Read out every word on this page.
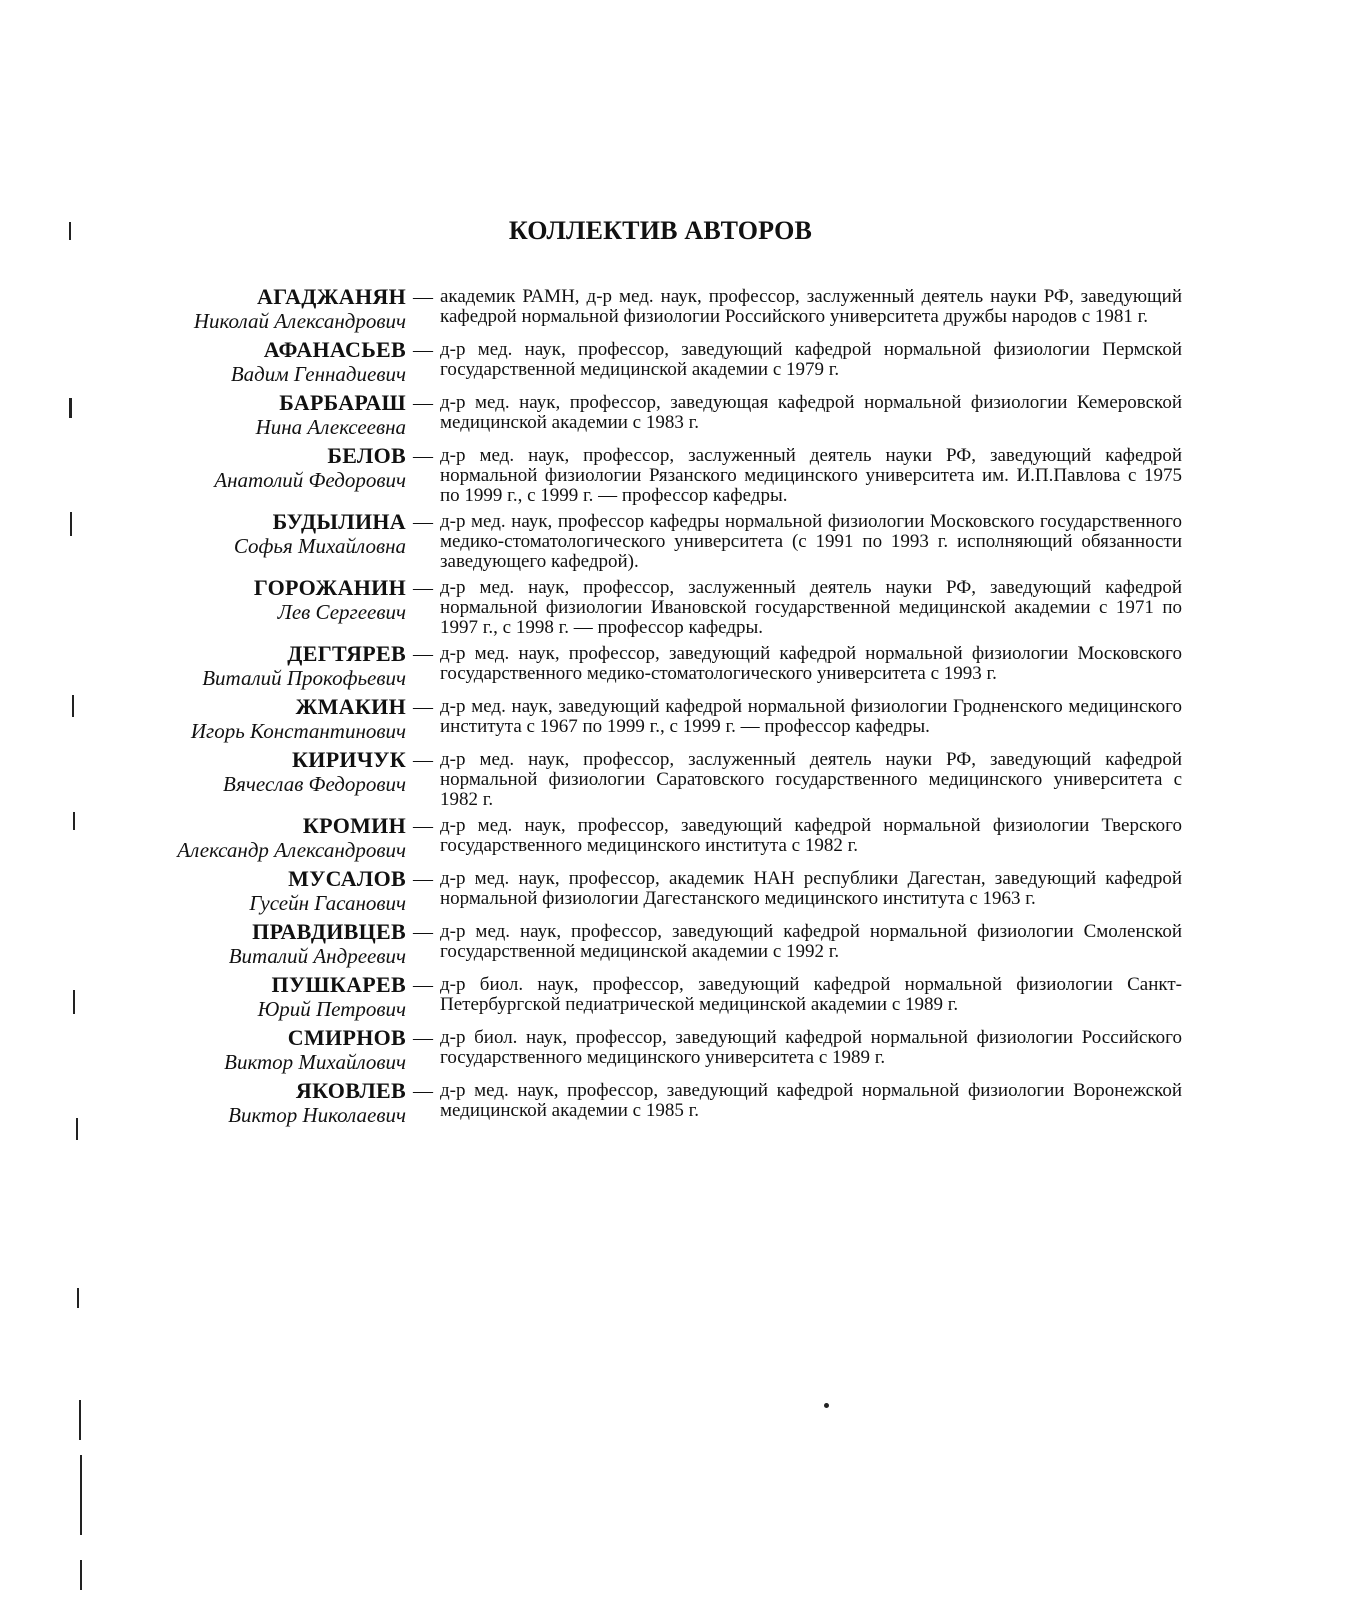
КОЛЛЕКТИВ АВТОРОВ
АГАДЖАНЯН
Николай Александрович
— академик РАМН, д-р мед. наук, профессор, заслуженный деятель науки РФ, заведующий кафедрой нормальной физиологии Российского университета дружбы народов с 1981 г.
АФАНАСЬЕВ
Вадим Геннадиевич
— д-р мед. наук, профессор, заведующий кафедрой нормальной физиологии Пермской государственной медицинской академии с 1979 г.
БАРБАРАШ
Нина Алексеевна
— д-р мед. наук, профессор, заведующая кафедрой нормальной физиологии Кемеровской медицинской академии с 1983 г.
БЕЛОВ
Анатолий Федорович
— д-р мед. наук, профессор, заслуженный деятель науки РФ, заведующий кафедрой нормальной физиологии Рязанского медицинского университета им. И.П.Павлова с 1975 по 1999 г., с 1999 г. — профессор кафедры.
БУДЫЛИНА
Софья Михайловна
— д-р мед. наук, профессор кафедры нормальной физиологии Московского государственного медико-стоматологического университета (с 1991 по 1993 г. исполняющий обязанности заведующего кафедрой).
ГОРОЖАНИН
Лев Сергеевич
— д-р мед. наук, профессор, заслуженный деятель науки РФ, заведующий кафедрой нормальной физиологии Ивановской государственной медицинской академии с 1971 по 1997 г., с 1998 г. — профессор кафедры.
ДЕГТЯРЕВ
Виталий Прокофьевич
— д-р мед. наук, профессор, заведующий кафедрой нормальной физиологии Московского государственного медико-стоматологического университета с 1993 г.
ЖМАКИН
Игорь Константинович
— д-р мед. наук, заведующий кафедрой нормальной физиологии Гродненского медицинского института с 1967 по 1999 г., с 1999 г. — профессор кафедры.
КИРИЧУК
Вячеслав Федорович
— д-р мед. наук, профессор, заслуженный деятель науки РФ, заведующий кафедрой нормальной физиологии Саратовского государственного медицинского университета с 1982 г.
КРОМИН
Александр Александрович
— д-р мед. наук, профессор, заведующий кафедрой нормальной физиологии Тверского государственного медицинского института с 1982 г.
МУСАЛОВ
Гусейн Гасанович
— д-р мед. наук, профессор, академик НАН республики Дагестан, заведующий кафедрой нормальной физиологии Дагестанского медицинского института с 1963 г.
ПРАВДИВЦЕВ
Виталий Андреевич
— д-р мед. наук, профессор, заведующий кафедрой нормальной физиологии Смоленской государственной медицинской академии с 1992 г.
ПУШКАРЕВ
Юрий Петрович
— д-р биол. наук, профессор, заведующий кафедрой нормальной физиологии Санкт-Петербургской педиатрической медицинской академии с 1989 г.
СМИРНОВ
Виктор Михайлович
— д-р биол. наук, профессор, заведующий кафедрой нормальной физиологии Российского государственного медицинского университета с 1989 г.
ЯКОВЛЕВ
Виктор Николаевич
— д-р мед. наук, профессор, заведующий кафедрой нормальной физиологии Воронежской медицинской академии с 1985 г.
